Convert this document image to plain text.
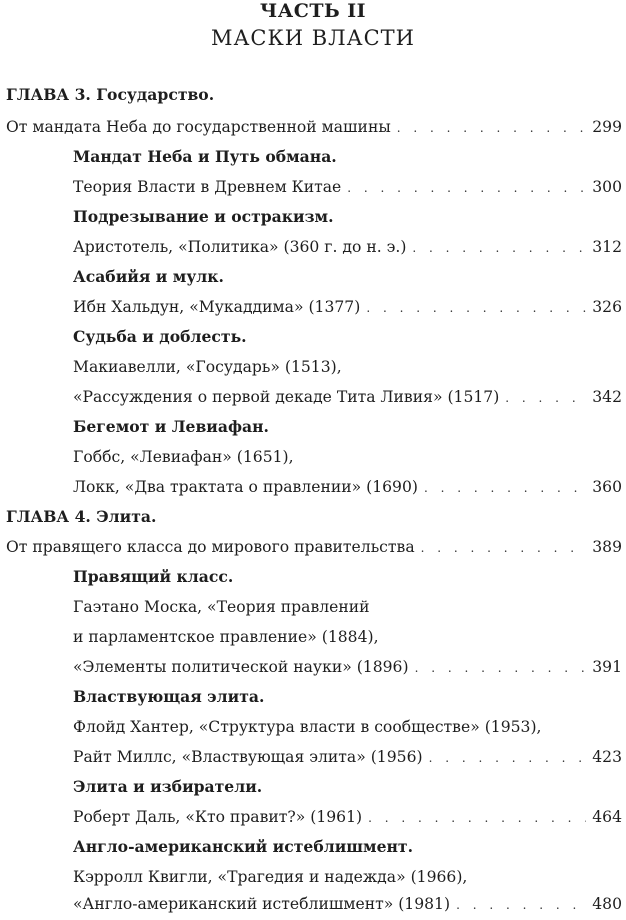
ЧАСТЬ II
МАСКИ ВЛАСТИ
ГЛАВА 3. Государство.
От мандата Неба до государственной машины . . .	299
Мандат Неба и Путь обмана.
Теория Власти в Древнем Китае . . .	300
Подрезывание и остракизм.
Аристотель, «Политика» (360 г. до н. э.) . . .	312
Асабийя и мулк.
Ибн Хальдун, «Мукаддима» (1377) . . .	326
Судьба и доблесть.
Макиавелли, «Государь» (1513),
«Рассуждения о первой декаде Тита Ливия» (1517) . . .	342
Бегемот и Левиафан.
Гоббс, «Левиафан» (1651),
Локк, «Два трактата о правлении» (1690) . . .	360
ГЛАВА 4. Элита.
От правящего класса до мирового правительства . . .	389
Правящий класс.
Гаэтано Моска, «Теория правлений
и парламентское правление» (1884),
«Элементы политической науки» (1896) . . .	391
Властвующая элита.
Флойд Хантер, «Структура власти в сообществе» (1953),
Райт Миллс, «Властвующая элита» (1956) . . .	423
Элита и избиратели.
Роберт Даль, «Кто правит?» (1961) . . .	464
Англо-американский истеблишмент.
Кэрролл Квигли, «Трагедия и надежда» (1966),
«Англо-американский истеблишмент» (1981) . . .	480
